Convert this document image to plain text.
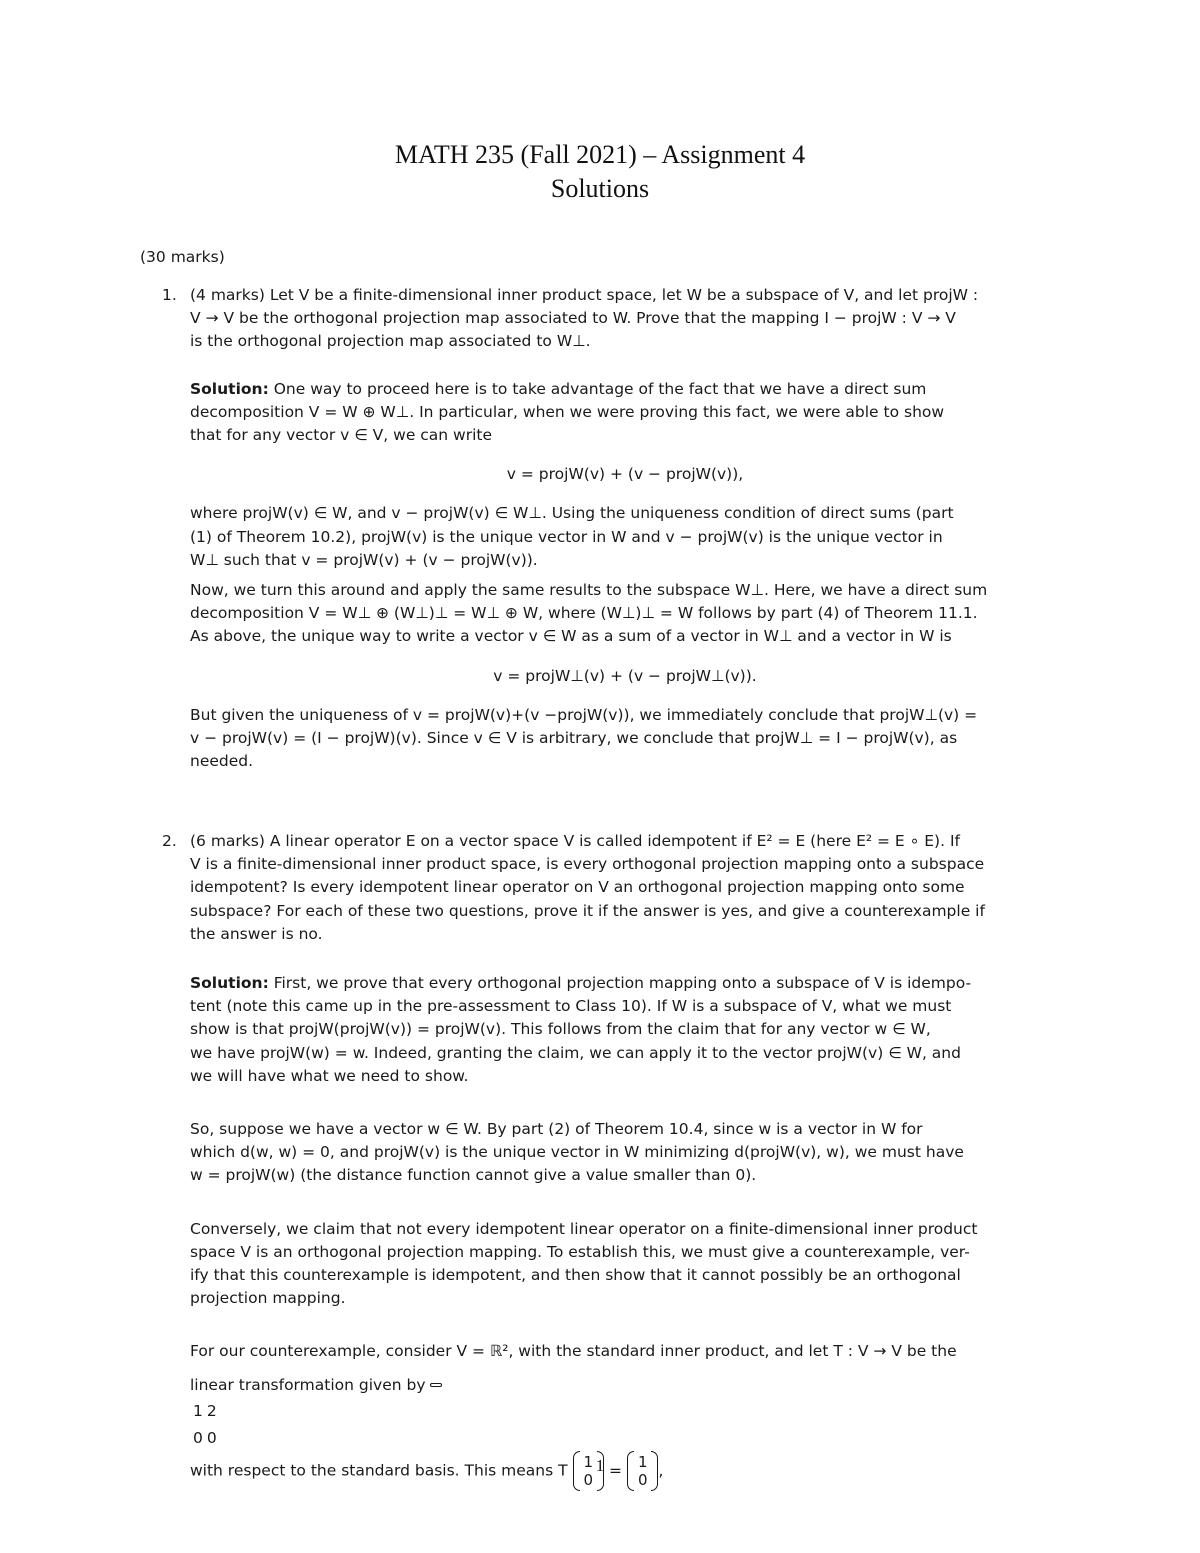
MATH 235 (Fall 2021) – Assignment 4
Solutions

(30 marks)

1. (4 marks) Let V be a finite-dimensional inner product space, let W be a subspace of V, and let projW :

V → V be the orthogonal projection map associated to W. Prove that the mapping I − projW : V → V

is the orthogonal projection map associated to W⊥.

Solution: One way to proceed here is to take advantage of the fact that we have a direct sum

decomposition V = W ⊕ W⊥. In particular, when we were proving this fact, we were able to show

that for any vector v ∈ V, we can write

v = projW(v) + (v − projW(v)),

where projW(v) ∈ W, and v − projW(v) ∈ W⊥. Using the uniqueness condition of direct sums (part

(1) of Theorem 10.2), projW(v) is the unique vector in W and v − projW(v) is the unique vector in

W⊥ such that v = projW(v) + (v − projW(v)).

Now, we turn this around and apply the same results to the subspace W⊥. Here, we have a direct sum

decomposition V = W⊥ ⊕ (W⊥)⊥ = W⊥ ⊕ W, where (W⊥)⊥ = W follows by part (4) of Theorem 11.1.

As above, the unique way to write a vector v ∈ W as a sum of a vector in W⊥ and a vector in W is

v = projW⊥(v) + (v − projW⊥(v)).

But given the uniqueness of v = projW(v)+(v −projW(v)), we immediately conclude that projW⊥(v) =

v − projW(v) = (I − projW)(v). Since v ∈ V is arbitrary, we conclude that projW⊥ = I − projW(v), as

needed.

2. (6 marks) A linear operator E on a vector space V is called idempotent if E² = E (here E² = E ∘ E). If

V is a finite-dimensional inner product space, is every orthogonal projection mapping onto a subspace

idempotent? Is every idempotent linear operator on V an orthogonal projection mapping onto some

subspace? For each of these two questions, prove it if the answer is yes, and give a counterexample if

the answer is no.

Solution: First, we prove that every orthogonal projection mapping onto a subspace of V is idempo-

tent (note this came up in the pre-assessment to Class 10). If W is a subspace of V, what we must

show is that projW(projW(v)) = projW(v). This follows from the claim that for any vector w ∈ W,

we have projW(w) = w. Indeed, granting the claim, we can apply it to the vector projW(v) ∈ W, and

we will have what we need to show.

So, suppose we have a vector w ∈ W. By part (2) of Theorem 10.4, since w is a vector in W for

which d(w, w) = 0, and projW(v) is the unique vector in W minimizing d(projW(v), w), we must have

w = projW(w) (the distance function cannot give a value smaller than 0).

Conversely, we claim that not every idempotent linear operator on a finite-dimensional inner product

space V is an orthogonal projection mapping. To establish this, we must give a counterexample, ver-

ify that this counterexample is idempotent, and then show that it cannot possibly be an orthogonal

projection mapping.

For our counterexample, consider V = ℝ², with the standard inner product, and let T : V → V be the

linear transformation given by

1	2
0	0
with respect to the standard basis. This means T 1
0
= 1
0
,

1
